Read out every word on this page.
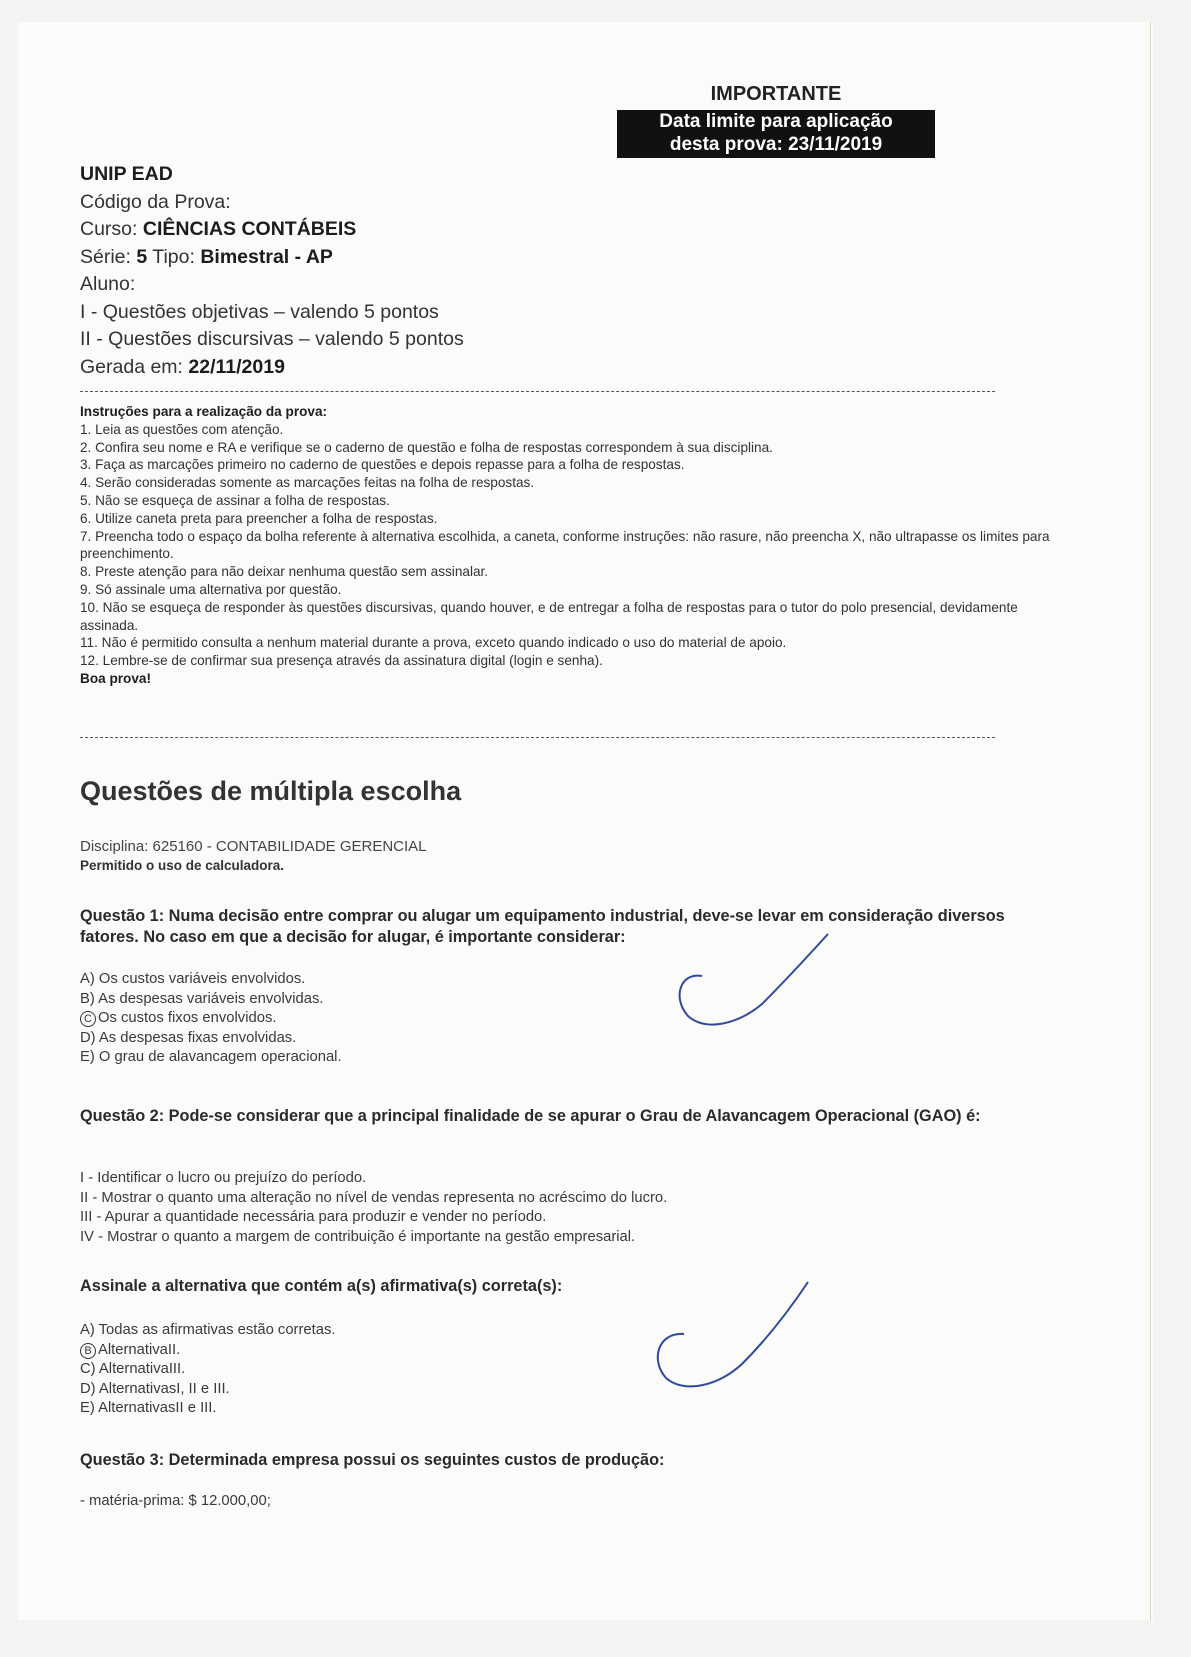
IMPORTANTE
Data limite para aplicação
desta prova: 23/11/2019
UNIP EAD
Código da Prova:
Curso: CIÊNCIAS CONTÁBEIS
Série: 5 Tipo: Bimestral - AP
Aluno:
I - Questões objetivas – valendo 5 pontos
II - Questões discursivas – valendo 5 pontos
Gerada em: 22/11/2019

Instruções para a realização da prova:

1. Leia as questões com atenção.

2. Confira seu nome e RA e verifique se o caderno de questão e folha de respostas correspondem à sua disciplina.

3. Faça as marcações primeiro no caderno de questões e depois repasse para a folha de respostas.

4. Serão consideradas somente as marcações feitas na folha de respostas.

5. Não se esqueça de assinar a folha de respostas.

6. Utilize caneta preta para preencher a folha de respostas.

7. Preencha todo o espaço da bolha referente à alternativa escolhida, a caneta, conforme instruções: não rasure, não preencha X, não ultrapasse os limites para preenchimento.

8. Preste atenção para não deixar nenhuma questão sem assinalar.

9. Só assinale uma alternativa por questão.

10. Não se esqueça de responder às questões discursivas, quando houver, e de entregar a folha de respostas para o tutor do polo presencial, devidamente assinada.

11. Não é permitido consulta a nenhum material durante a prova, exceto quando indicado o uso do material de apoio.

12. Lembre-se de confirmar sua presença através da assinatura digital (login e senha).

Boa prova!

Questões de múltipla escolha
Disciplina: 625160 - CONTABILIDADE GERENCIAL
Permitido o uso de calculadora.
Questão 1: Numa decisão entre comprar ou alugar um equipamento industrial, deve-se levar em consideração diversos fatores. No caso em que a decisão for alugar, é importante considerar:

A) Os custos variáveis envolvidos.

B) As despesas variáveis envolvidas.

C Os custos fixos envolvidos.

D) As despesas fixas envolvidas.

E) O grau de alavancagem operacional.

Questão 2: Pode-se considerar que a principal finalidade de se apurar o Grau de Alavancagem Operacional (GAO) é:

I - Identificar o lucro ou prejuízo do período.

II - Mostrar o quanto uma alteração no nível de vendas representa no acréscimo do lucro.

III - Apurar a quantidade necessária para produzir e vender no período.

IV - Mostrar o quanto a margem de contribuição é importante na gestão empresarial.

Assinale a alternativa que contém a(s) afirmativa(s) correta(s):

A) Todas as afirmativas estão corretas.

B AlternativaII.

C) AlternativaIII.

D) AlternativasI, II e III.

E) AlternativasII e III.

Questão 3: Determinada empresa possui os seguintes custos de produção:

- matéria-prima: $ 12.000,00;
